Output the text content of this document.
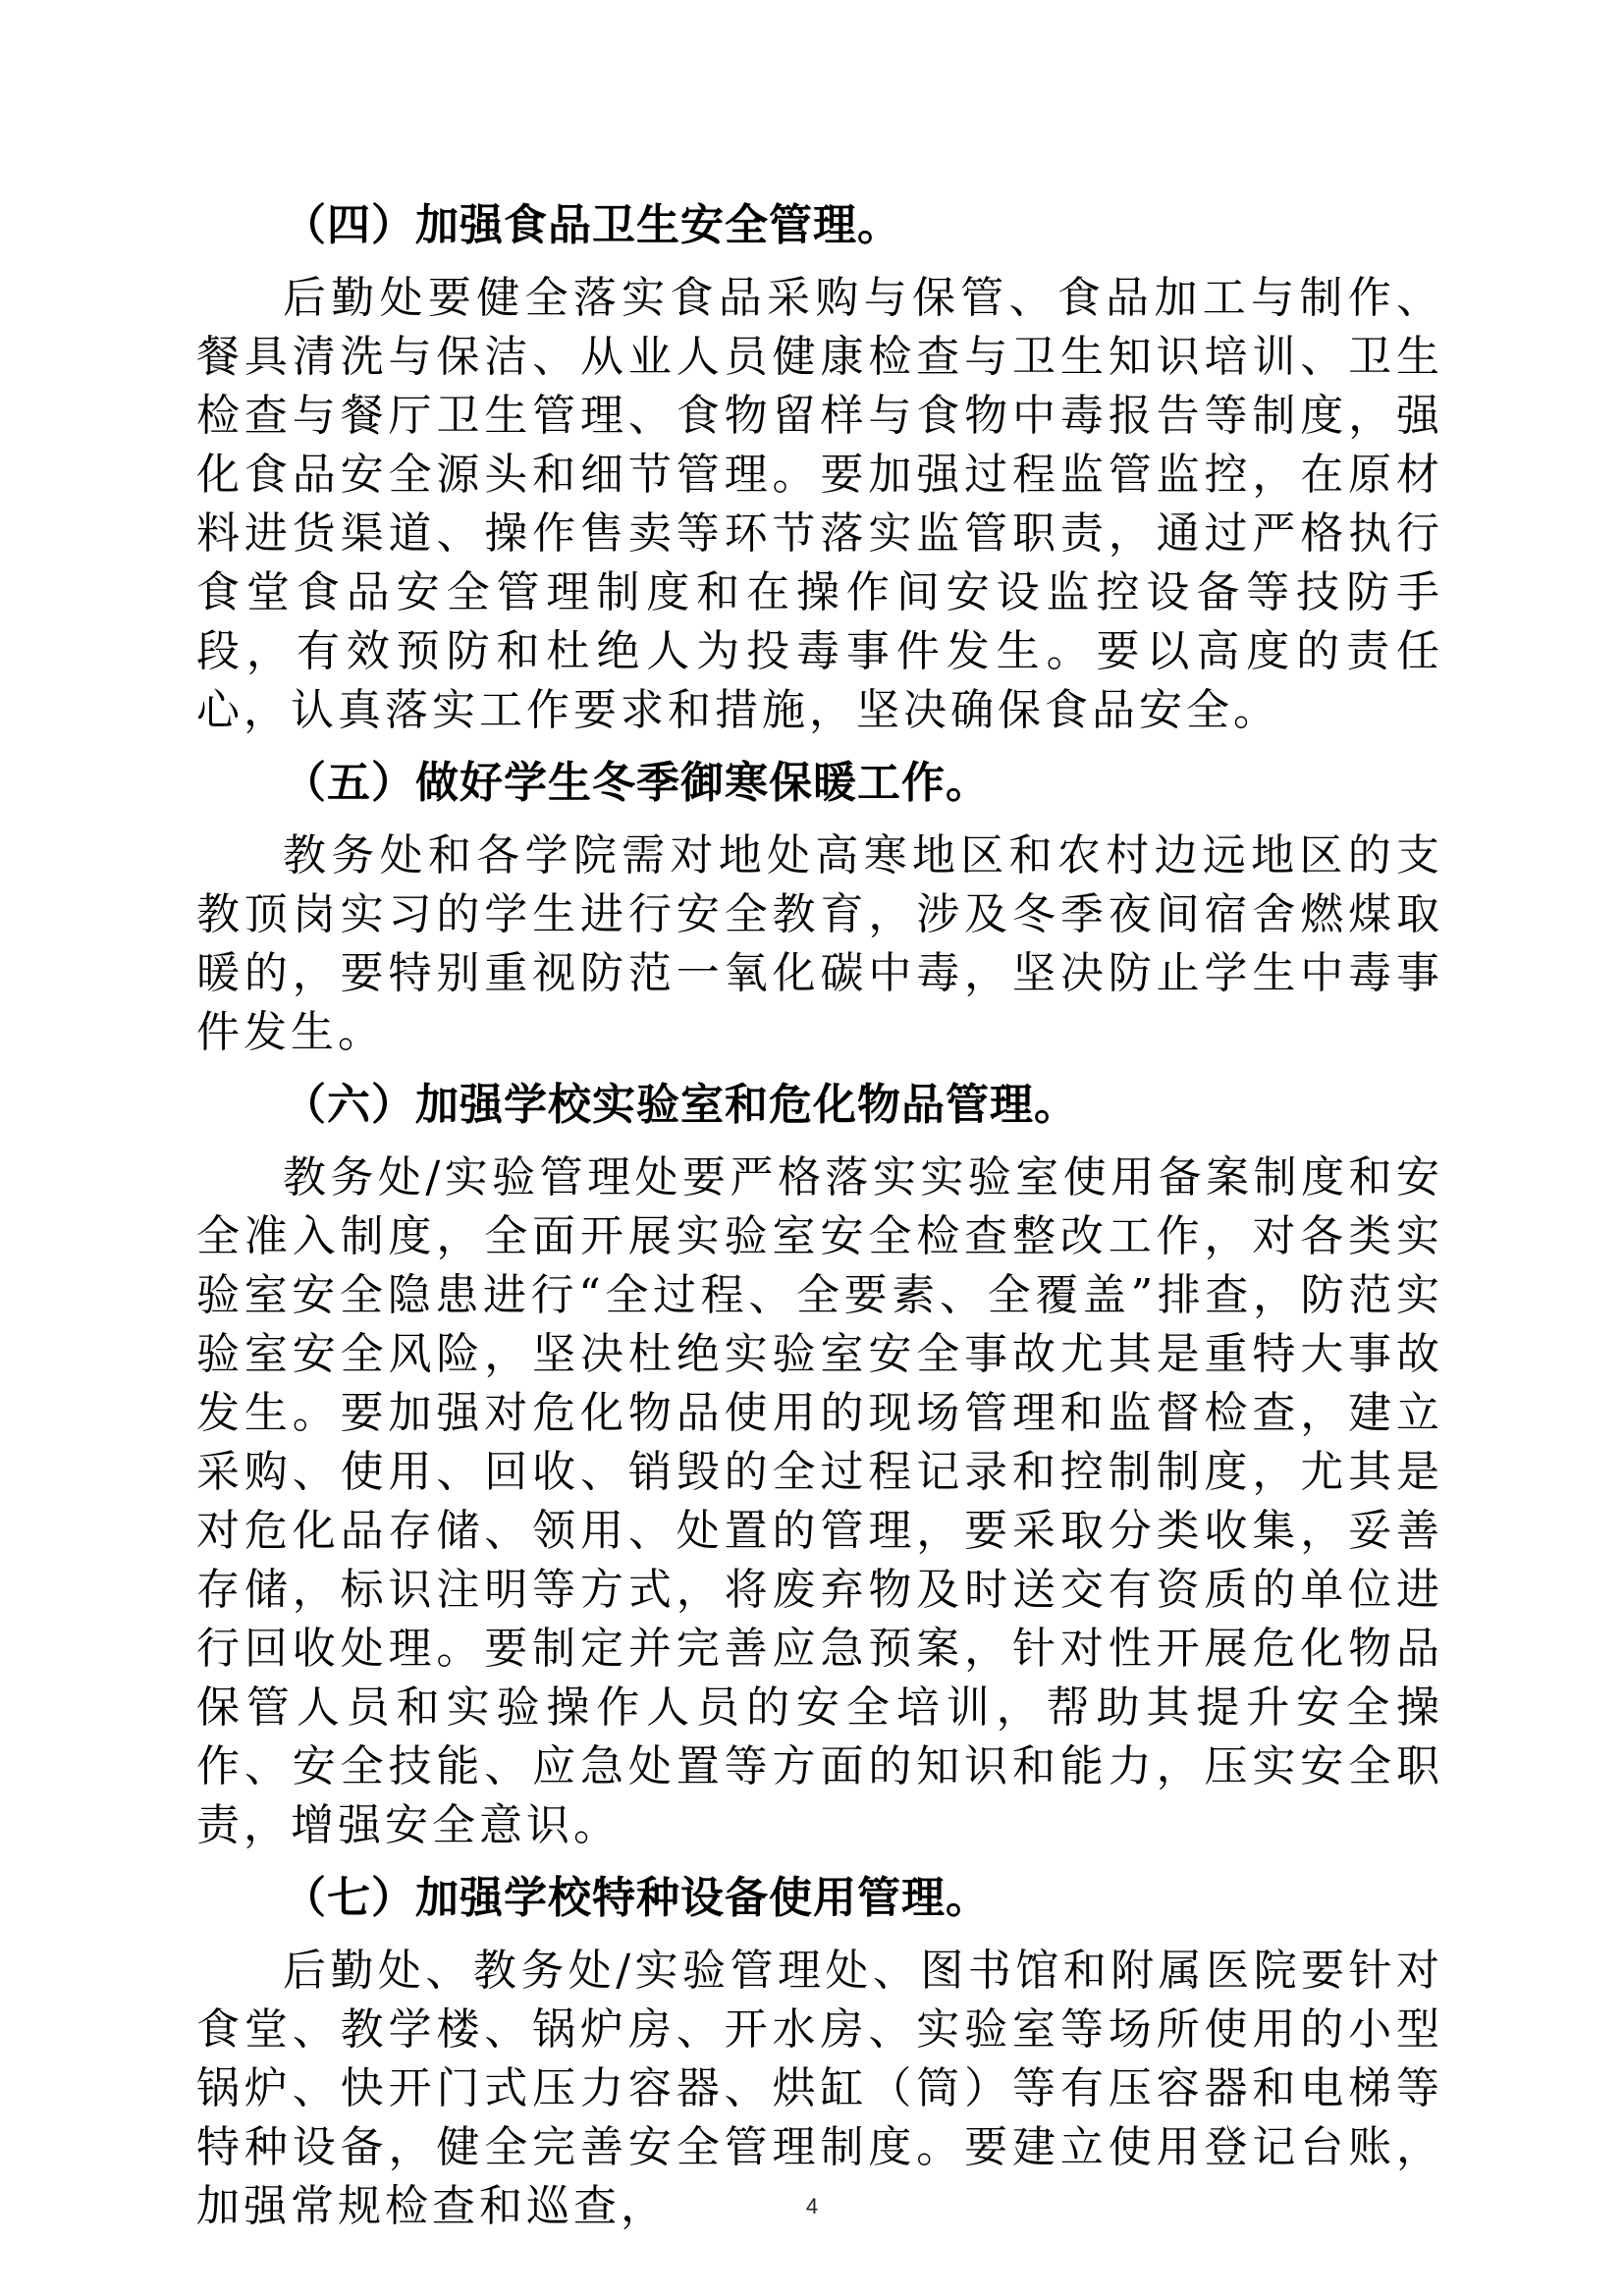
（四）加强食品卫生安全管理。

后勤处要健全落实食品采购与保管、食品加工与制作、餐具清洗与保洁、从业人员健康检查与卫生知识培训、卫生检查与餐厅卫生管理、食物留样与食物中毒报告等制度，强化食品安全源头和细节管理。要加强过程监管监控，在原材料进货渠道、操作售卖等环节落实监管职责，通过严格执行食堂食品安全管理制度和在操作间安设监控设备等技防手段，有效预防和杜绝人为投毒事件发生。要以高度的责任心，认真落实工作要求和措施，坚决确保食品安全。

（五）做好学生冬季御寒保暖工作。

教务处和各学院需对地处高寒地区和农村边远地区的支教顶岗实习的学生进行安全教育，涉及冬季夜间宿舍燃煤取暖的，要特别重视防范一氧化碳中毒，坚决防止学生中毒事件发生。

（六）加强学校实验室和危化物品管理。

教务处/实验管理处要严格落实实验室使用备案制度和安全准入制度，全面开展实验室安全检查整改工作，对各类实验室安全隐患进行“全过程、全要素、全覆盖”排查，防范实验室安全风险，坚决杜绝实验室安全事故尤其是重特大事故发生。要加强对危化物品使用的现场管理和监督检查，建立采购、使用、回收、销毁的全过程记录和控制制度，尤其是对危化品存储、领用、处置的管理，要采取分类收集，妥善存储，标识注明等方式，将废弃物及时送交有资质的单位进行回收处理。要制定并完善应急预案，针对性开展危化物品保管人员和实验操作人员的安全培训，帮助其提升安全操作、安全技能、应急处置等方面的知识和能力，压实安全职责，增强安全意识。

（七）加强学校特种设备使用管理。

后勤处、教务处/实验管理处、图书馆和附属医院要针对食堂、教学楼、锅炉房、开水房、实验室等场所使用的小型锅炉、快开门式压力容器、烘缸（筒）等有压容器和电梯等特种设备，健全完善安全管理制度。要建立使用登记台账，加强常规检查和巡查，	4
